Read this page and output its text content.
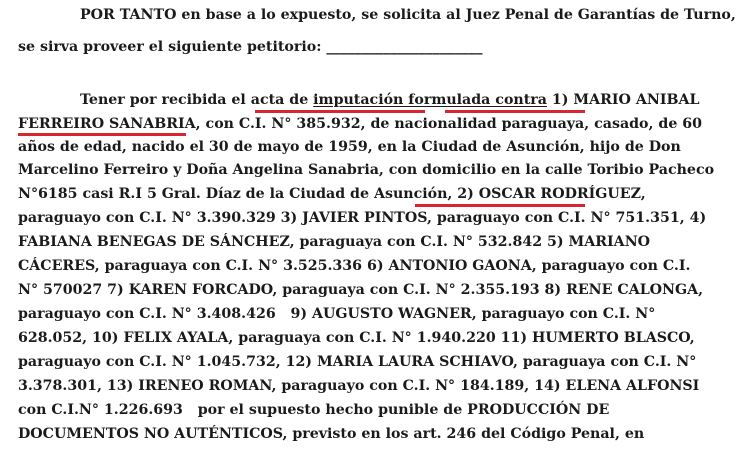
POR TANTO en base a lo expuesto, se solicita al Juez Penal de Garantías de Turno,
se sirva proveer el siguiente petitorio: ______________________
Tener por recibida el acta de imputación formulada contra 1) MARIO ANIBAL
FERREIRO SANABRIA, con C.I. N° 385.932, de nacionalidad paraguaya, casado, de 60
años de edad, nacido el 30 de mayo de 1959, en la Ciudad de Asunción, hijo de Don
Marcelino Ferreiro y Doña Angelina Sanabria, con domicilio en la calle Toribio Pacheco
N°6185 casi R.I 5 Gral. Díaz de la Ciudad de Asunción, 2) OSCAR RODRÍGUEZ,
paraguayo con C.I. N° 3.390.329 3) JAVIER PINTOS, paraguayo con C.I. N° 751.351, 4)
FABIANA BENEGAS DE SÁNCHEZ, paraguaya con C.I. N° 532.842 5) MARIANO
CÁCERES, paraguaya con C.I. N° 3.525.336 6) ANTONIO GAONA, paraguayo con C.I.
N° 570027 7) KAREN FORCADO, paraguaya con C.I. N° 2.355.193 8) RENE CALONGA,
paraguayo con C.I. N° 3.408.426   9) AUGUSTO WAGNER, paraguayo con C.I. N°
628.052, 10) FELIX AYALA, paraguaya con C.I. N° 1.940.220 11) HUMERTO BLASCO,
paraguayo con C.I. N° 1.045.732, 12) MARIA LAURA SCHIAVO, paraguaya con C.I. N°
3.378.301, 13) IRENEO ROMAN, paraguayo con C.I. N° 184.189, 14) ELENA ALFONSI
con C.I.N° 1.226.693   por el supuesto hecho punible de PRODUCCIÓN DE
DOCUMENTOS NO AUTÉNTICOS, previsto en los art. 246 del Código Penal, en
